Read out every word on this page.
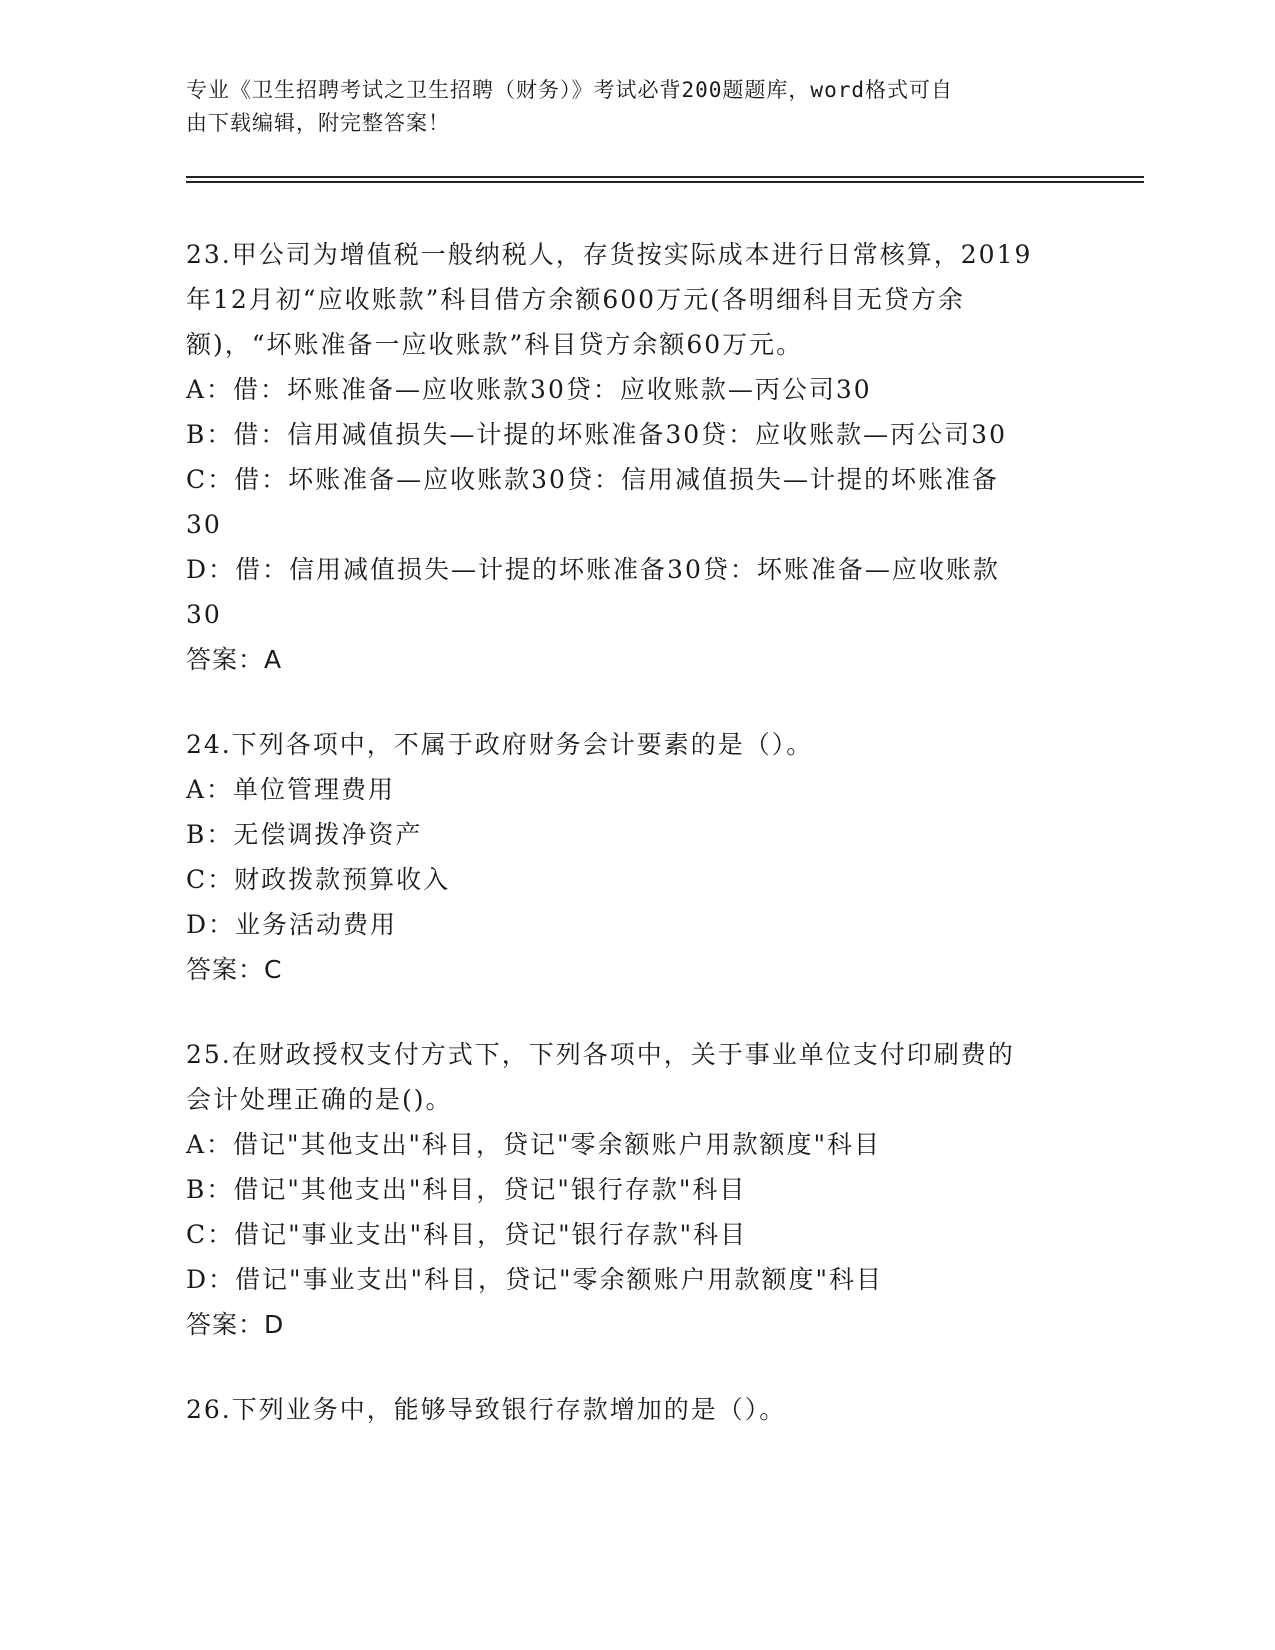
专业《卫生招聘考试之卫生招聘（财务）》考试必背200题题库，word格式可自
由下载编辑，附完整答案！

23.甲公司为增值税一般纳税人，存货按实际成本进行日常核算，2019

年12月初“应收账款”科目借方余额600万元(各明细科目无贷方余

额)，“坏账准备一应收账款”科目贷方余额60万元。

A：借：坏账准备—应收账款30贷：应收账款—丙公司30

B：借：信用减值损失—计提的坏账准备30贷：应收账款—丙公司30

C：借：坏账准备—应收账款30贷：信用减值损失—计提的坏账准备

30

D：借：信用减值损失—计提的坏账准备30贷：坏账准备—应收账款

30

答案：A

24.下列各项中，不属于政府财务会计要素的是（）。

A：单位管理费用

B：无偿调拨净资产

C：财政拨款预算收入

D：业务活动费用

答案：C

25.在财政授权支付方式下，下列各项中，关于事业单位支付印刷费的

会计处理正确的是()。

A：借记"其他支出"科目，贷记"零余额账户用款额度"科目

B：借记"其他支出"科目，贷记"银行存款"科目

C：借记"事业支出"科目，贷记"银行存款"科目

D：借记"事业支出"科目，贷记"零余额账户用款额度"科目

答案：D

26.下列业务中，能够导致银行存款增加的是（）。
